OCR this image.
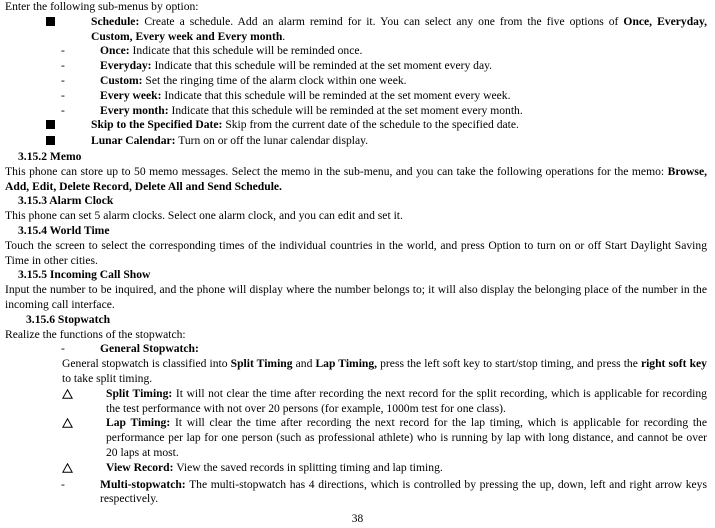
Enter the following sub-menus by option:

Schedule: Create a schedule. Add an alarm remind for it. You can select any one from the five options of Once, Everyday, Custom, Every week and Every month.
-	Once: Indicate that this schedule will be reminded once.
-	Everyday: Indicate that this schedule will be reminded at the set moment every day.
-	Custom: Set the ringing time of the alarm clock within one week.
-	Every week: Indicate that this schedule will be reminded at the set moment every week.
-	Every month: Indicate that this schedule will be reminded at the set moment every month.
Skip to the Specified Date: Skip from the current date of the schedule to the specified date.
Lunar Calendar: Turn on or off the lunar calendar display.

3.15.2 Memo

This phone can store up to 50 memo messages. Select the memo in the sub-menu, and you can take the following operations for the memo: Browse, Add, Edit, Delete Record, Delete All and Send Schedule.

3.15.3 Alarm Clock

This phone can set 5 alarm clocks. Select one alarm clock, and you can edit and set it.

3.15.4 World Time

Touch the screen to select the corresponding times of the individual countries in the world, and press Option to turn on or off Start Daylight Saving Time in other cities.

3.15.5 Incoming Call Show

Input the number to be inquired, and the phone will display where the number belongs to; it will also display the belonging place of the number in the incoming call interface.

3.15.6 Stopwatch

Realize the functions of the stopwatch:

-	General Stopwatch:

General stopwatch is classified into Split Timing and Lap Timing, press the left soft key to start/stop timing, and press the right soft key to take split timing.

Split Timing: It will not clear the time after recording the next record for the split recording, which is applicable for recording the test performance with not over 20 persons (for example, 1000m test for one class).
Lap Timing: It will clear the time after recording the next record for the lap timing, which is applicable for recording the performance per lap for one person (such as professional athlete) who is running by lap with long distance, and cannot be over 20 laps at most.
View Record: View the saved records in splitting timing and lap timing.
-	Multi-stopwatch: The multi-stopwatch has 4 directions, which is controlled by pressing the up, down, left and right arrow keys respectively.
38
